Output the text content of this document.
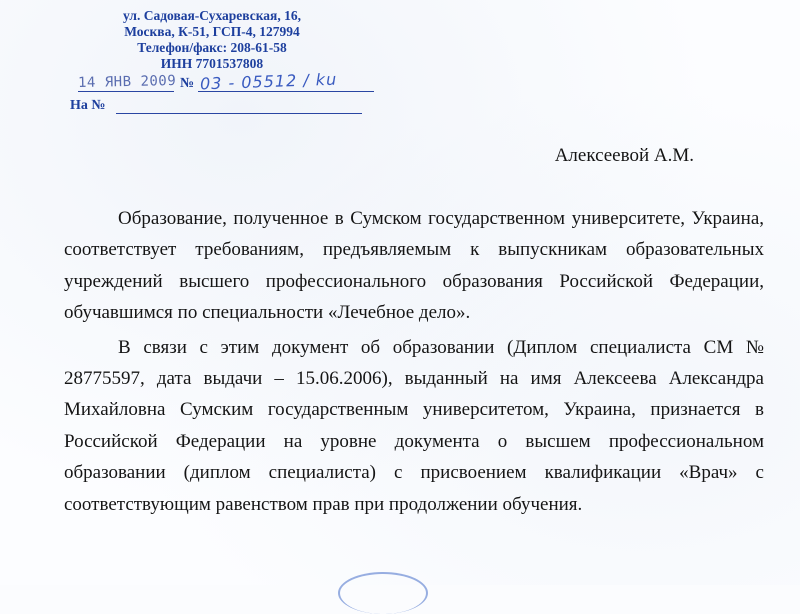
ул. Садовая-Сухаревская, 16,
Москва, К-51, ГСП-4, 127994
Телефон/факс: 208-61-58
ИНН 7701537808
14 ЯНВ 2009 № 03 - 05512 / ku
На №
Алексеевой А.М.

Образование, полученное в Сумском государственном университете, Украина, соответствует требованиям, предъявляемым к выпускникам образовательных учреждений высшего профессионального образования Российской Федерации, обучавшимся по специальности «Лечебное дело».

В связи с этим документ об образовании (Диплом специалиста СМ № 28775597, дата выдачи – 15.06.2006), выданный на имя Алексеева Александра Михайловна Сумским государственным университетом, Украина, признается в Российской Федерации на уровне документа о высшем профессиональном образовании (диплом специалиста) с присвоением квалификации «Врач» с соответствующим равенством прав при продолжении обучения.
